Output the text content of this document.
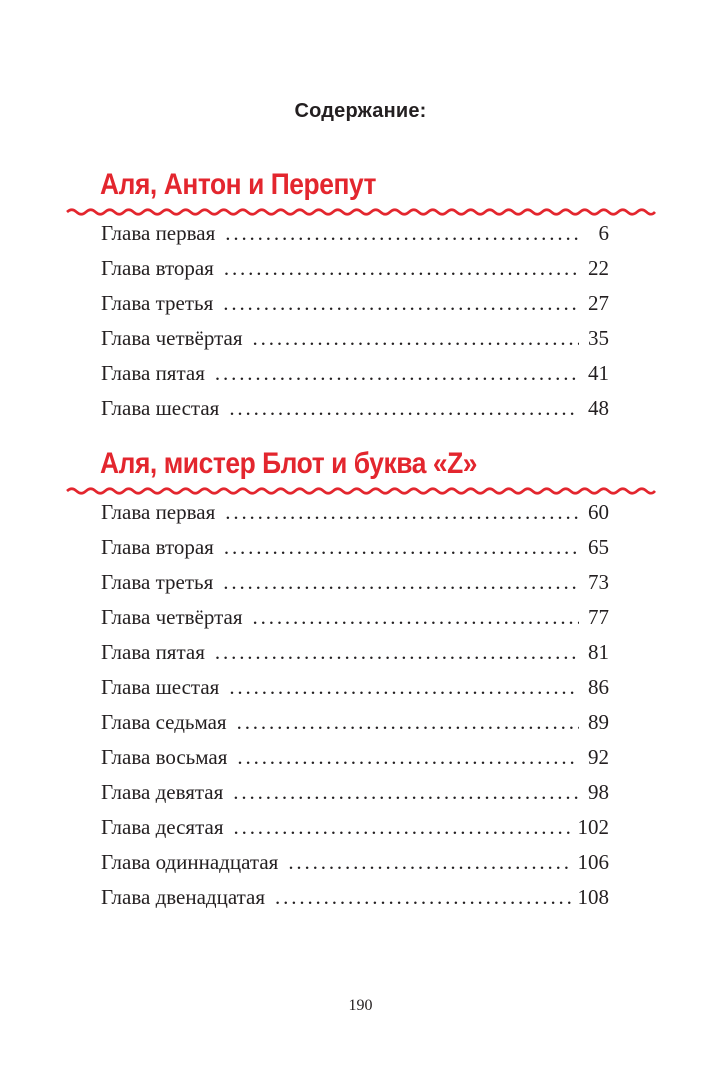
Содержание:
Аля, Антон и Перепут
Глава первая . . .	6
Глава вторая . . .	22
Глава третья . . .	27
Глава четвёртая . . .	35
Глава пятая . . .	41
Глава шестая . . .	48
Аля, мистер Блот и буква «Z»
Глава первая . . .	60
Глава вторая . . .	65
Глава третья . . .	73
Глава четвёртая . . .	77
Глава пятая . . .	81
Глава шестая . . .	86
Глава седьмая . . .	89
Глава восьмая . . .	92
Глава девятая . . .	98
Глава десятая . . .	102
Глава одиннадцатая . . .	106
Глава двенадцатая . . .	108
190
